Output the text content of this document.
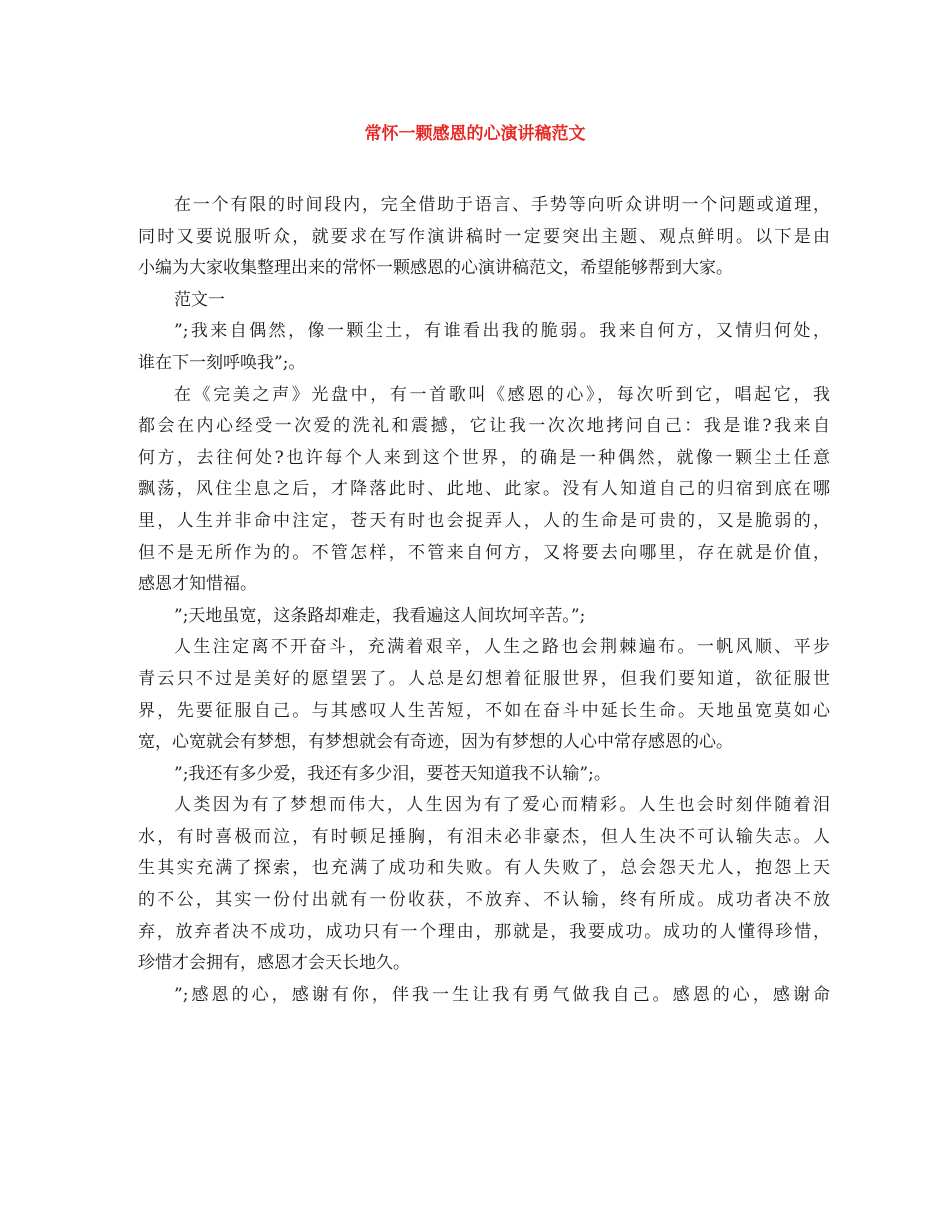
常怀一颗感恩的心演讲稿范文
在一个有限的时间段内，完全借助于语言、手势等向听众讲明一个问题或道理，
同时又要说服听众，就要求在写作演讲稿时一定要突出主题、观点鲜明。以下是由
小编为大家收集整理出来的常怀一颗感恩的心演讲稿范文，希望能够帮到大家。
范文一
”;我来自偶然，像一颗尘土，有谁看出我的脆弱。我来自何方，又情归何处，
谁在下一刻呼唤我”;。
在《完美之声》光盘中，有一首歌叫《感恩的心》，每次听到它，唱起它，我
都会在内心经受一次爱的洗礼和震撼，它让我一次次地拷问自己：我是谁?我来自
何方，去往何处?也许每个人来到这个世界，的确是一种偶然，就像一颗尘土任意
飘荡，风住尘息之后，才降落此时、此地、此家。没有人知道自己的归宿到底在哪
里，人生并非命中注定，苍天有时也会捉弄人，人的生命是可贵的，又是脆弱的，
但不是无所作为的。不管怎样，不管来自何方，又将要去向哪里，存在就是价值，
感恩才知惜福。
”;天地虽宽，这条路却难走，我看遍这人间坎坷辛苦。”;
人生注定离不开奋斗，充满着艰辛，人生之路也会荆棘遍布。一帆风顺、平步
青云只不过是美好的愿望罢了。人总是幻想着征服世界，但我们要知道，欲征服世
界，先要征服自己。与其感叹人生苦短，不如在奋斗中延长生命。天地虽宽莫如心
宽，心宽就会有梦想，有梦想就会有奇迹，因为有梦想的人心中常存感恩的心。
”;我还有多少爱，我还有多少泪，要苍天知道我不认输”;。
人类因为有了梦想而伟大，人生因为有了爱心而精彩。人生也会时刻伴随着泪
水，有时喜极而泣，有时顿足捶胸，有泪未必非豪杰，但人生决不可认输失志。人
生其实充满了探索，也充满了成功和失败。有人失败了，总会怨天尤人，抱怨上天
的不公，其实一份付出就有一份收获，不放弃、不认输，终有所成。成功者决不放
弃，放弃者决不成功，成功只有一个理由，那就是，我要成功。成功的人懂得珍惜，
珍惜才会拥有，感恩才会天长地久。
”;感恩的心，感谢有你，伴我一生让我有勇气做我自己。感恩的心，感谢命
